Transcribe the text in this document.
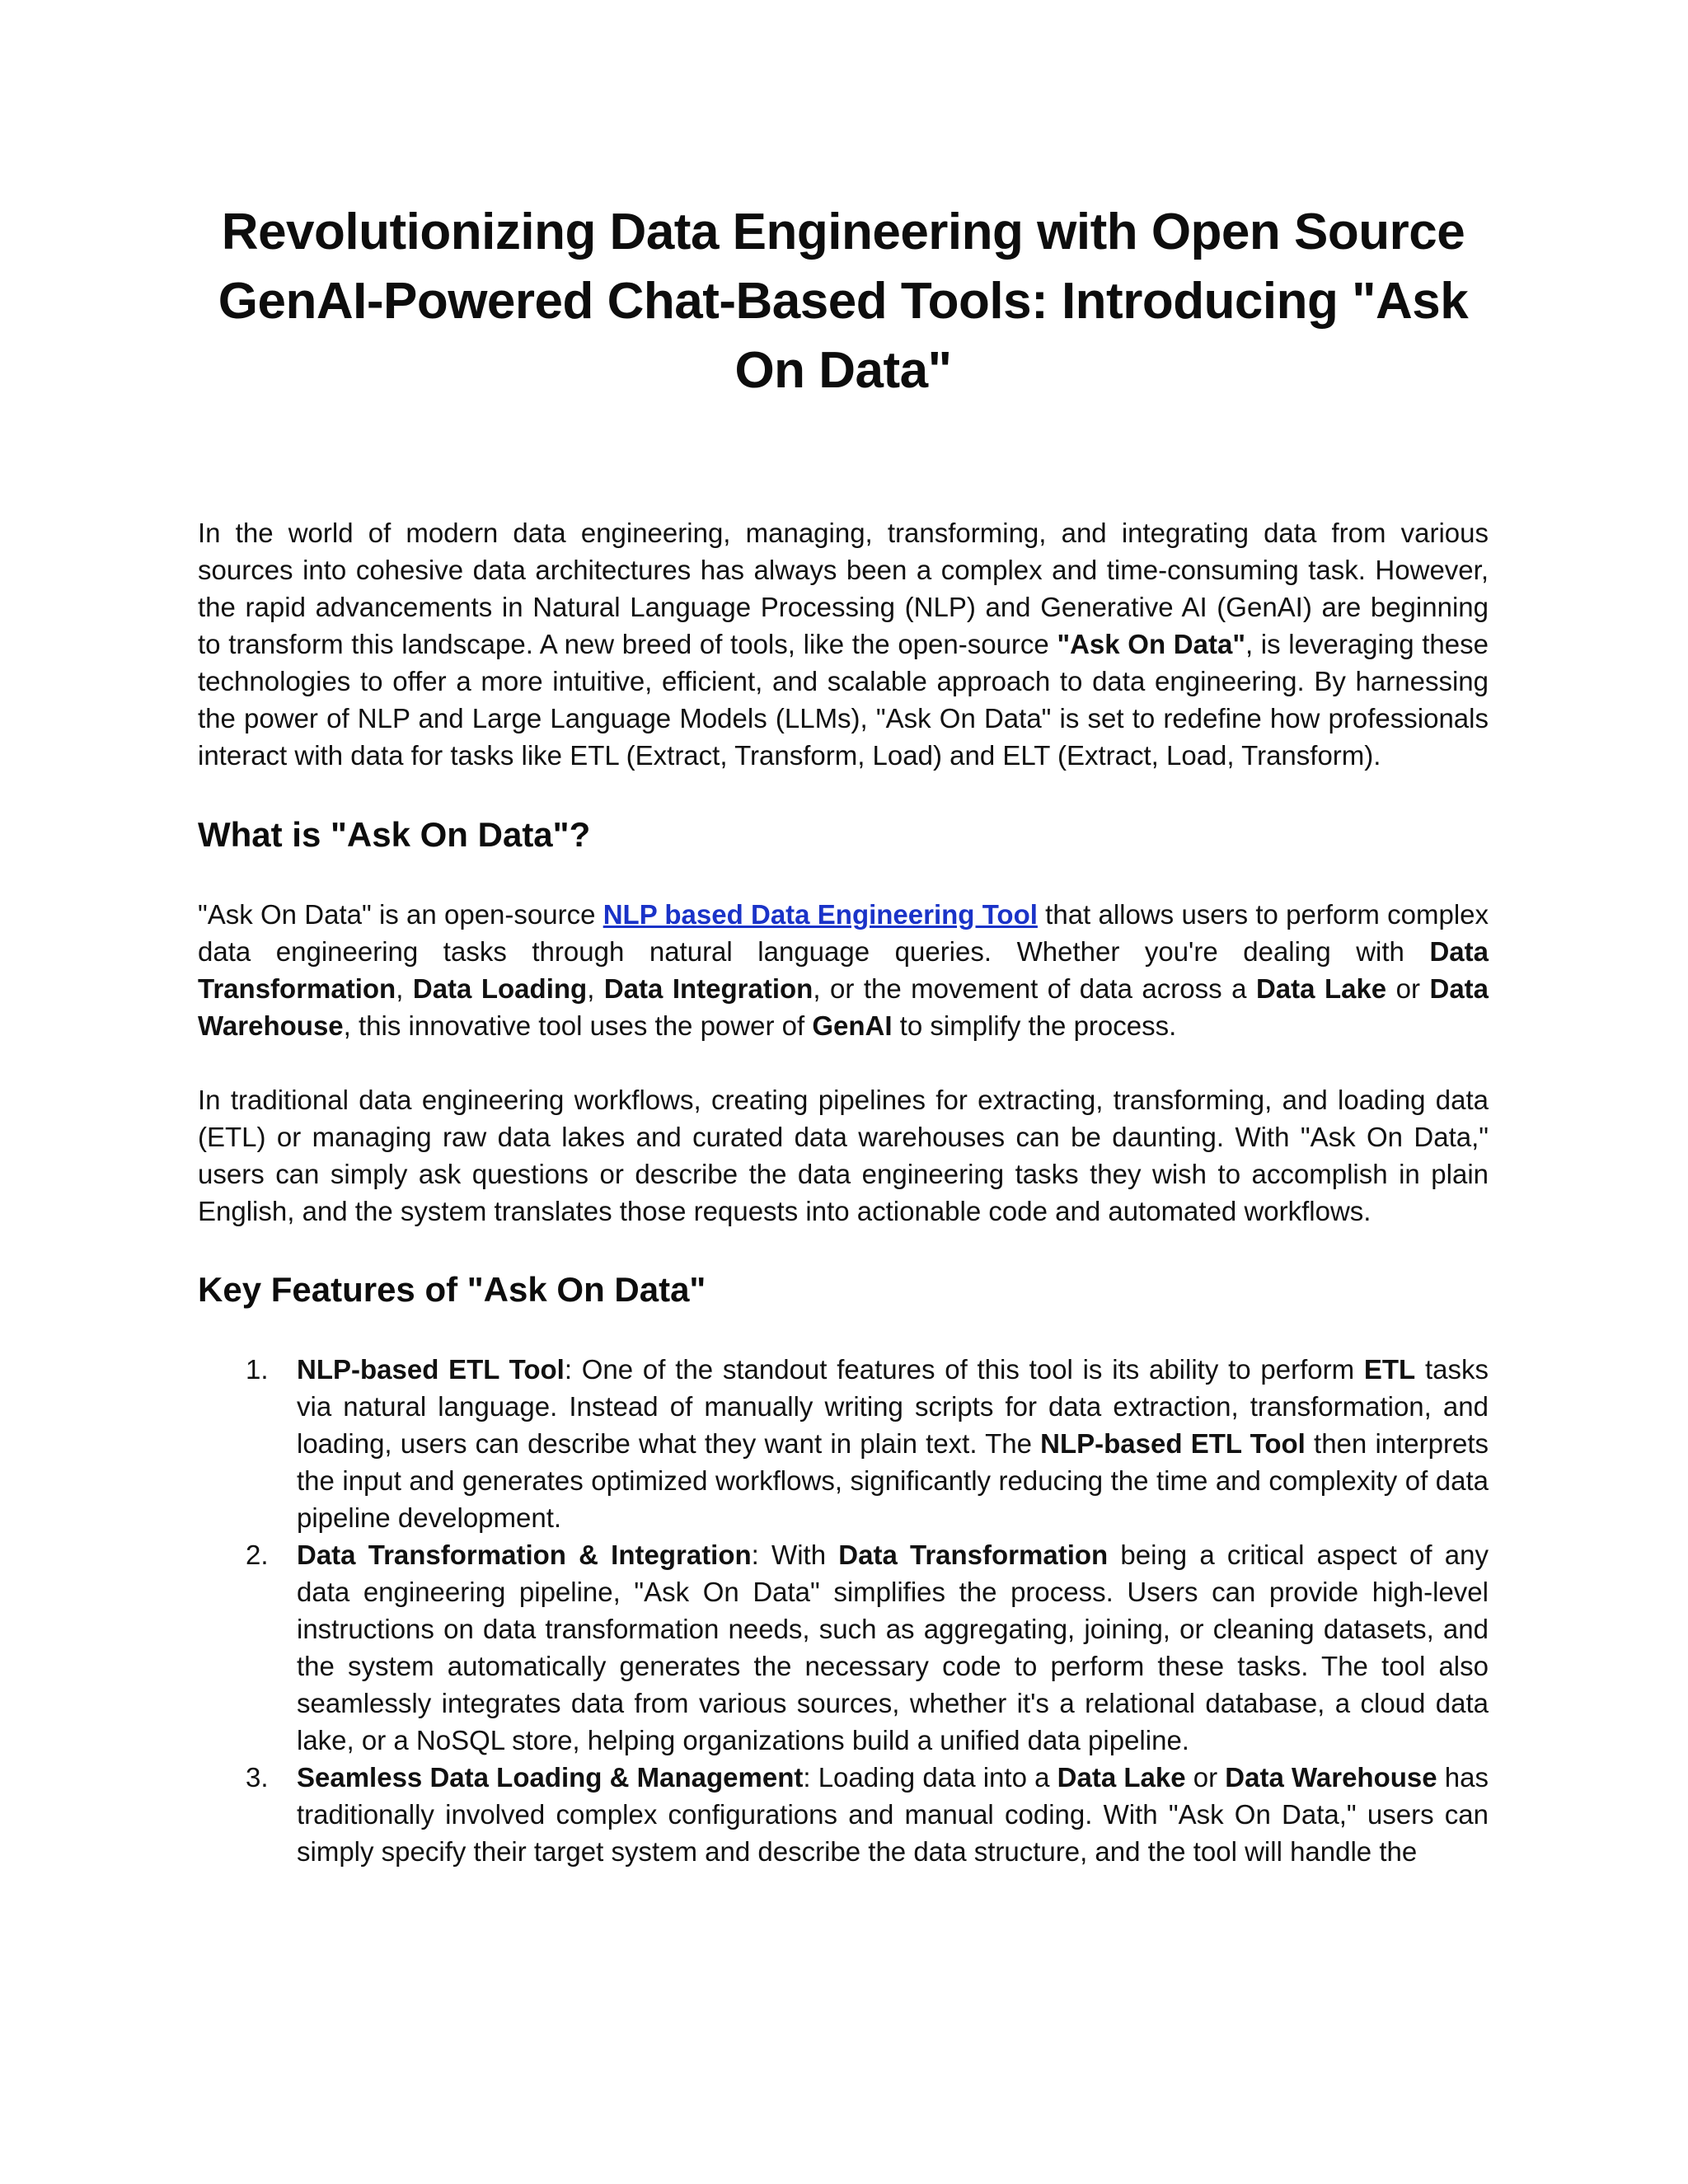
Revolutionizing Data Engineering with Open Source GenAI-Powered Chat-Based Tools: Introducing "Ask On Data"

In the world of modern data engineering, managing, transforming, and integrating data from various sources into cohesive data architectures has always been a complex and time-consuming task. However, the rapid advancements in Natural Language Processing (NLP) and Generative AI (GenAI) are beginning to transform this landscape. A new breed of tools, like the open-source "Ask On Data", is leveraging these technologies to offer a more intuitive, efficient, and scalable approach to data engineering. By harnessing the power of NLP and Large Language Models (LLMs), "Ask On Data" is set to redefine how professionals interact with data for tasks like ETL (Extract, Transform, Load) and ELT (Extract, Load, Transform).

What is "Ask On Data"?

"Ask On Data" is an open-source NLP based Data Engineering Tool that allows users to perform complex data engineering tasks through natural language queries. Whether you're dealing with Data Transformation, Data Loading, Data Integration, or the movement of data across a Data Lake or Data Warehouse, this innovative tool uses the power of GenAI to simplify the process.

In traditional data engineering workflows, creating pipelines for extracting, transforming, and loading data (ETL) or managing raw data lakes and curated data warehouses can be daunting. With "Ask On Data," users can simply ask questions or describe the data engineering tasks they wish to accomplish in plain English, and the system translates those requests into actionable code and automated workflows.

Key Features of "Ask On Data"
1. NLP-based ETL Tool: One of the standout features of this tool is its ability to perform ETL tasks via natural language. Instead of manually writing scripts for data extraction, transformation, and loading, users can describe what they want in plain text. The NLP-based ETL Tool then interprets the input and generates optimized workflows, significantly reducing the time and complexity of data pipeline development.
2. Data Transformation & Integration: With Data Transformation being a critical aspect of any data engineering pipeline, "Ask On Data" simplifies the process. Users can provide high-level instructions on data transformation needs, such as aggregating, joining, or cleaning datasets, and the system automatically generates the necessary code to perform these tasks. The tool also seamlessly integrates data from various sources, whether it's a relational database, a cloud data lake, or a NoSQL store, helping organizations build a unified data pipeline.
3. Seamless Data Loading & Management: Loading data into a Data Lake or Data Warehouse has traditionally involved complex configurations and manual coding. With "Ask On Data," users can simply specify their target system and describe the data structure, and the tool will handle the
